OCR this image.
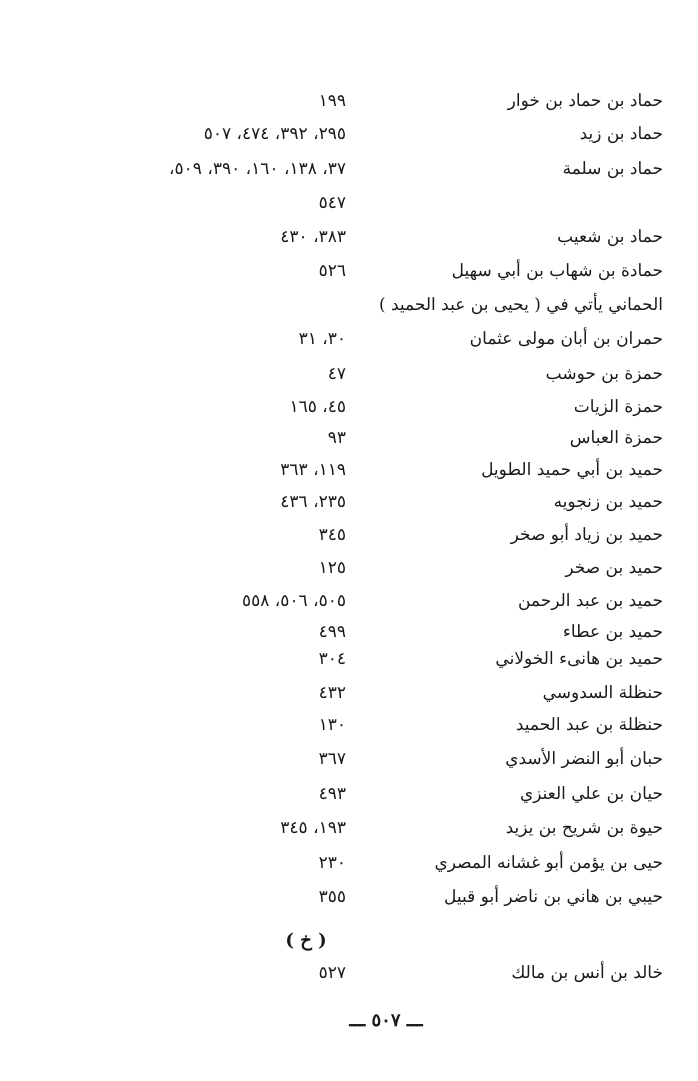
حماد بن حماد بن خوار
١٩٩
حماد بن زيد
٢٩٥، ٣٩٢، ٤٧٤، ٥٠٧
حماد بن سلمة
٣٧، ١٣٨، ١٦٠، ٣٩٠، ٥٠٩،
٥٤٧
حماد بن شعيب
٣٨٣، ٤٣٠
حمادة بن شهاب بن أبي سهيل
٥٢٦
الحماني يأتي في ( يحيى بن عبد الحميد )
حمران بن أبان مولى عثمان
٣٠، ٣١
حمزة بن حوشب
٤٧
حمزة الزيات
٤٥، ١٦٥
حمزة العباس
٩٣
حميد بن أبي حميد الطويل
١١٩، ٣٦٣
حميد بن زنجويه
٢٣٥، ٤٣٦
حميد بن زياد أبو صخر
٣٤٥
حميد بن صخر
١٢٥
حميد بن عبد الرحمن
٥٠٥، ٥٠٦، ٥٥٨
حميد بن عطاء
٤٩٩
حميد بن هانىء الخولاني
٣٠٤
حنظلة السدوسي
٤٣٢
حنظلة بن عبد الحميد
١٣٠
حبان أبو النضر الأسدي
٣٦٧
حيان بن علي العنزي
٤٩٣
حيوة بن شريح بن يزيد
١٩٣، ٣٤٥
حيى بن يؤمن أبو غشانه المصري
٢٣٠
حيبي بن هاني بن ناضر أبو قبيل
٣٥٥
خالد بن أنس بن مالك
٥٢٧
( خ )
ـــ ٥٠٧ ـــ
